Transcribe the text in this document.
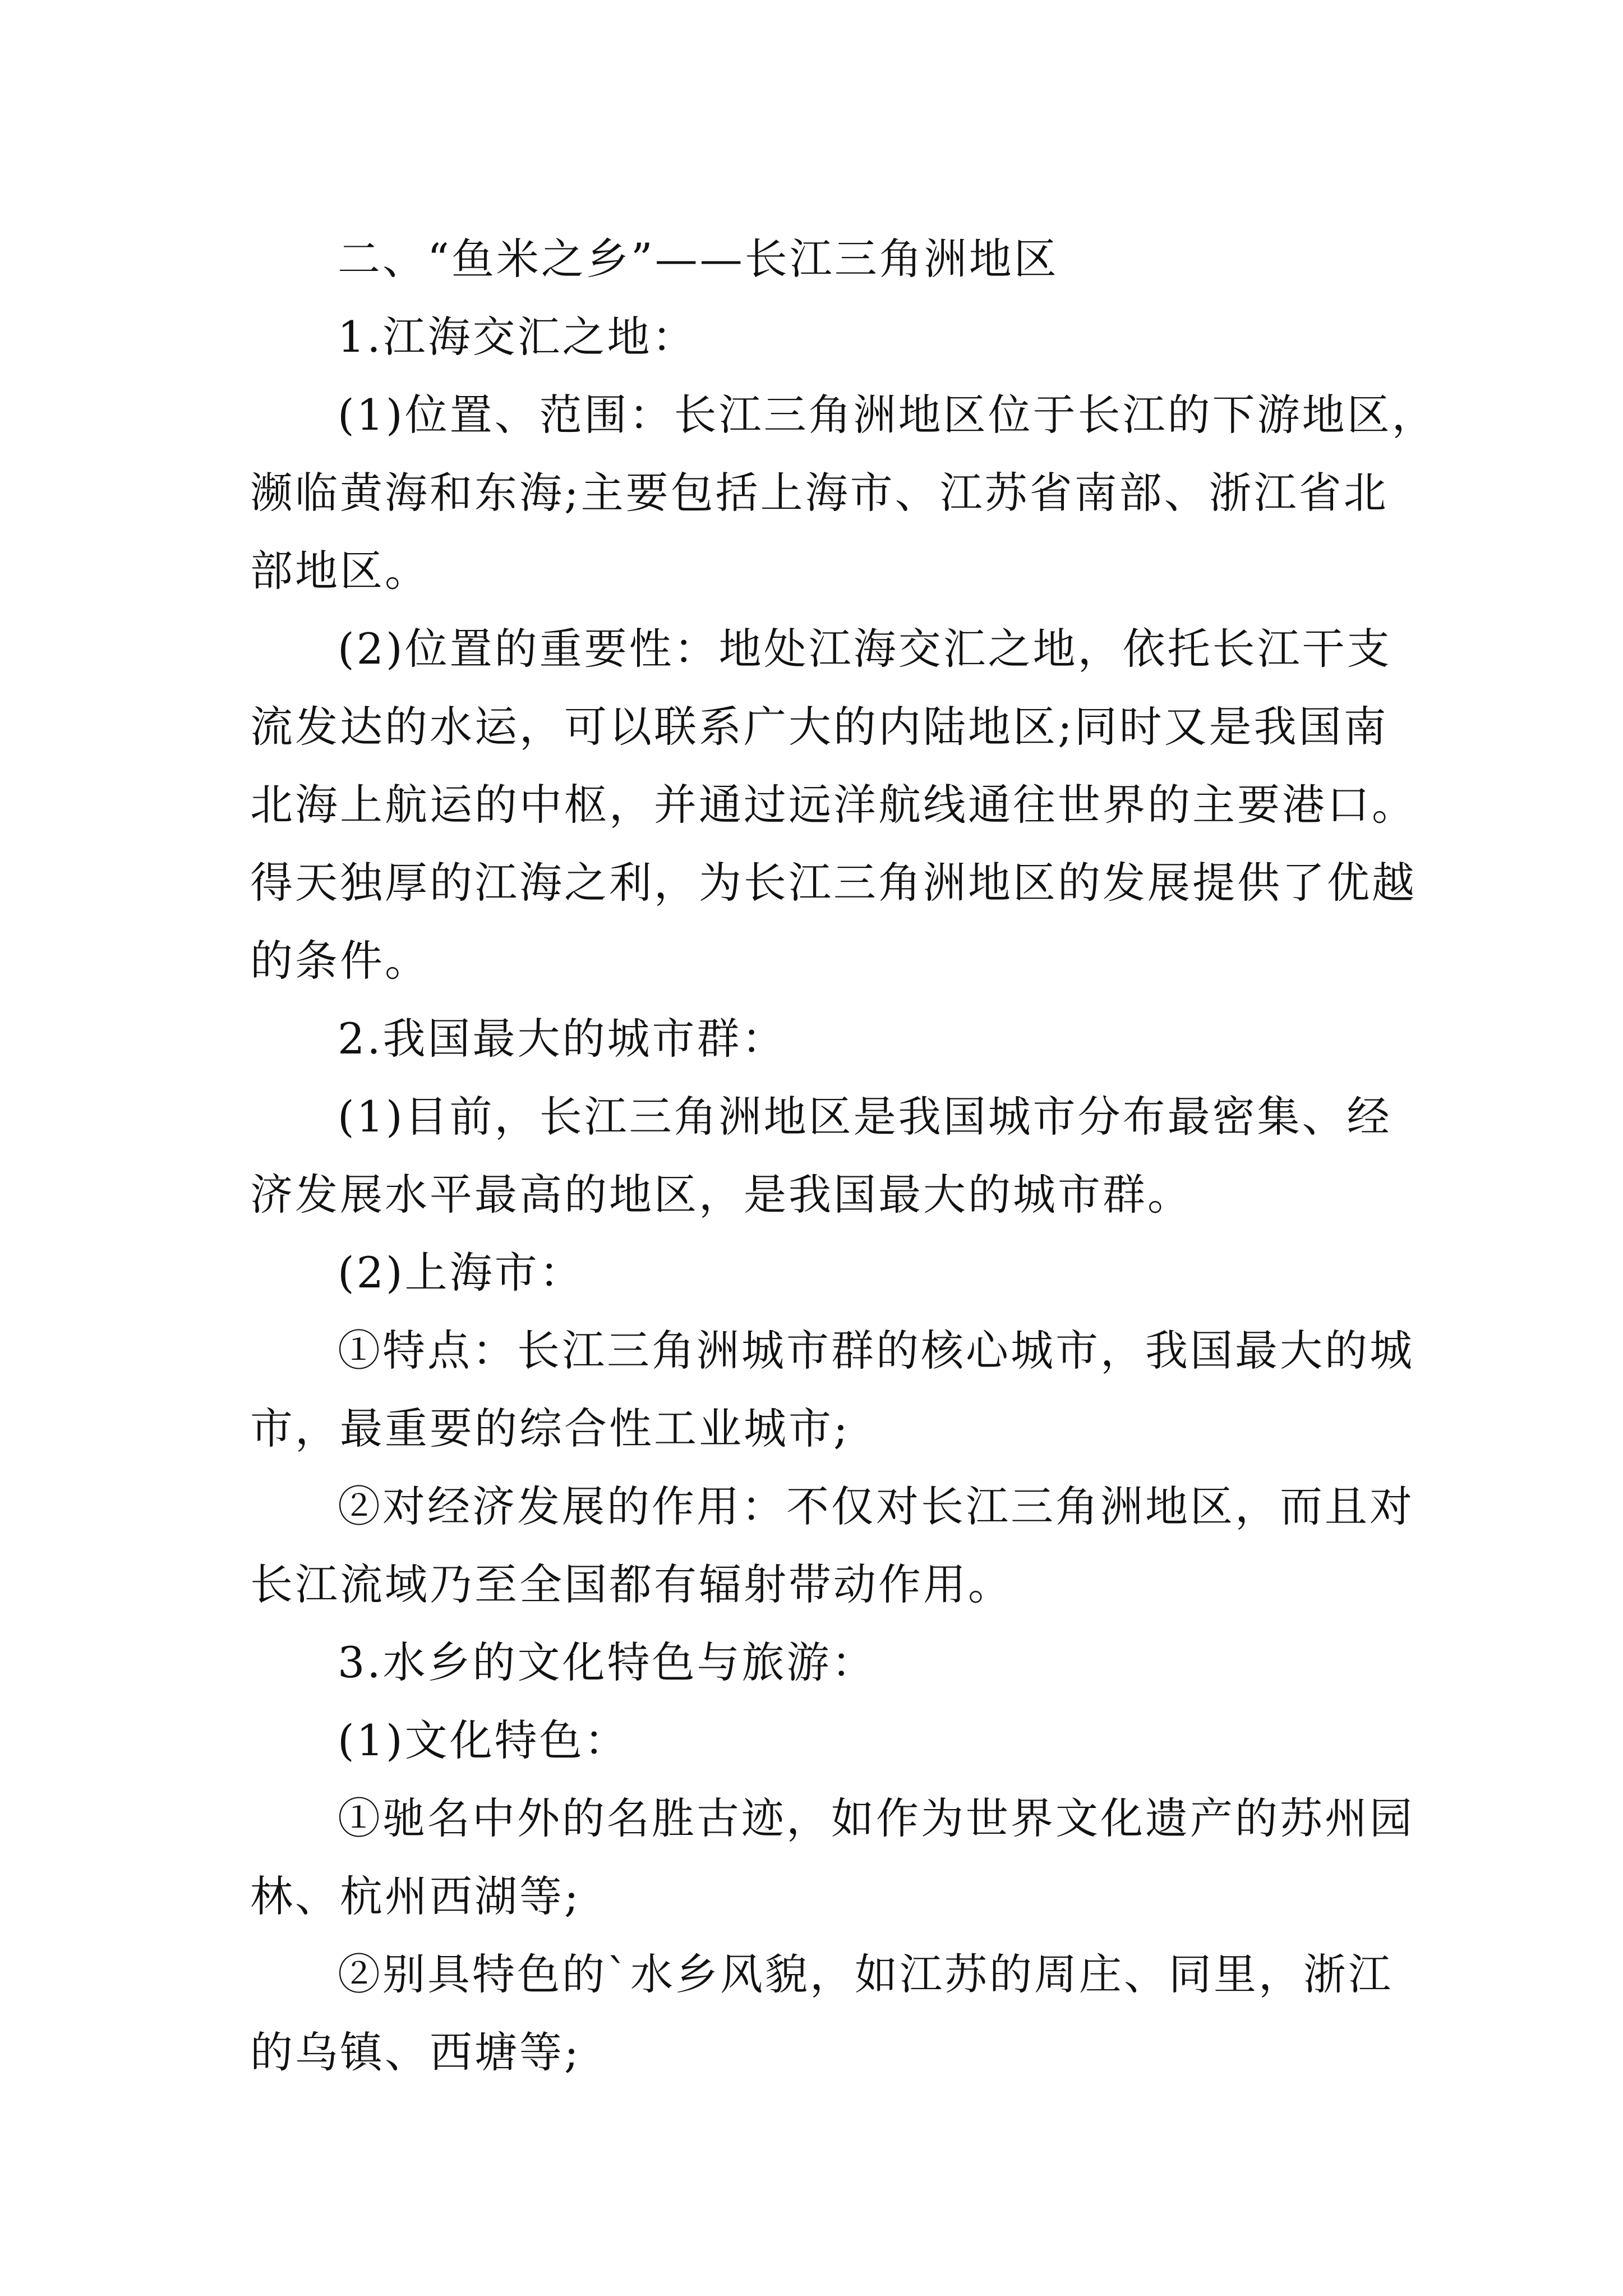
二、“鱼米之乡”——长江三角洲地区
1.江海交汇之地：
(1)位置、范围：长江三角洲地区位于长江的下游地区，
濒临黄海和东海;主要包括上海市、江苏省南部、浙江省北
部地区。
(2)位置的重要性：地处江海交汇之地，依托长江干支
流发达的水运，可以联系广大的内陆地区;同时又是我国南
北海上航运的中枢，并通过远洋航线通往世界的主要港口。
得天独厚的江海之利，为长江三角洲地区的发展提供了优越
的条件。
2.我国最大的城市群：
(1)目前，长江三角洲地区是我国城市分布最密集、经
济发展水平最高的地区，是我国最大的城市群。
(2)上海市：
①特点：长江三角洲城市群的核心城市，我国最大的城
市，最重要的综合性工业城市;
②对经济发展的作用：不仅对长江三角洲地区，而且对
长江流域乃至全国都有辐射带动作用。
3.水乡的文化特色与旅游：
(1)文化特色：
①驰名中外的名胜古迹，如作为世界文化遗产的苏州园
林、杭州西湖等;
②别具特色的`水乡风貌，如江苏的周庄、同里，浙江
的乌镇、西塘等;
